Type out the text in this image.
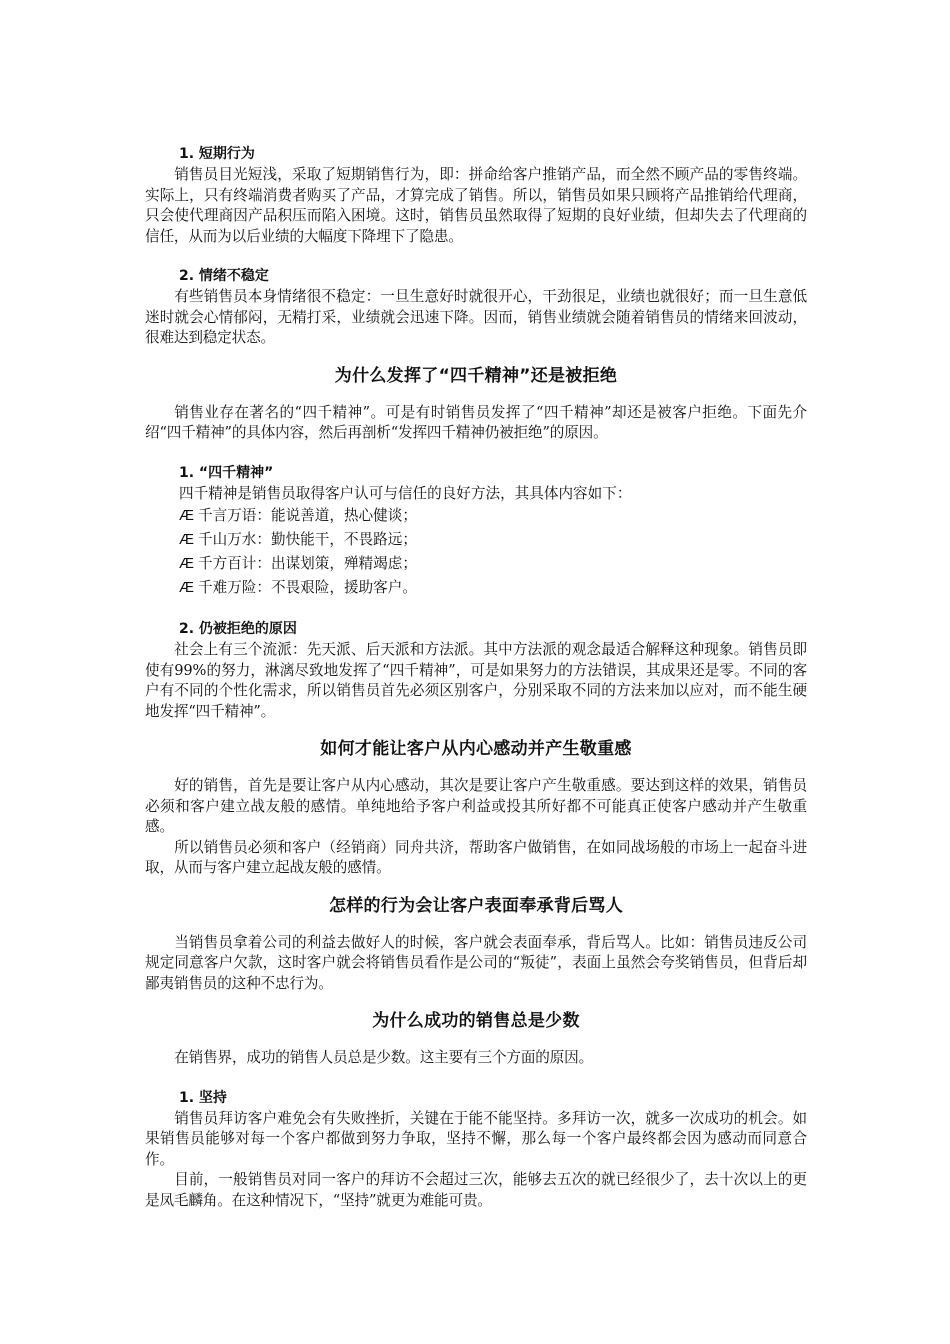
1. 短期行为

销售员目光短浅，采取了短期销售行为，即：拼命给客户推销产品，而全然不顾产品的零售终端。实际上，只有终端消费者购买了产品，才算完成了销售。所以，销售员如果只顾将产品推销给代理商，只会使代理商因产品积压而陷入困境。这时，销售员虽然取得了短期的良好业绩，但却失去了代理商的信任，从而为以后业绩的大幅度下降埋下了隐患。

2. 情绪不稳定

有些销售员本身情绪很不稳定：一旦生意好时就很开心，干劲很足，业绩也就很好；而一旦生意低迷时就会心情郁闷，无精打采，业绩就会迅速下降。因而，销售业绩就会随着销售员的情绪来回波动，很难达到稳定状态。

为什么发挥了“四千精神”还是被拒绝

销售业存在著名的“四千精神”。可是有时销售员发挥了“四千精神”却还是被客户拒绝。下面先介绍“四千精神”的具体内容，然后再剖析“发挥四千精神仍被拒绝”的原因。

1. “四千精神”

四千精神是销售员取得客户认可与信任的良好方法，其具体内容如下：

Æ 千言万语：能说善道，热心健谈；

Æ 千山万水：勤快能干，不畏路远；

Æ 千方百计：出谋划策，殚精竭虑；

Æ 千难万险：不畏艰险，援助客户。

2. 仍被拒绝的原因

社会上有三个流派：先天派、后天派和方法派。其中方法派的观念最适合解释这种现象。销售员即使有99%的努力，淋漓尽致地发挥了“四千精神”，可是如果努力的方法错误，其成果还是零。不同的客户有不同的个性化需求，所以销售员首先必须区别客户，分别采取不同的方法来加以应对，而不能生硬地发挥“四千精神”。

如何才能让客户从内心感动并产生敬重感

好的销售，首先是要让客户从内心感动，其次是要让客户产生敬重感。要达到这样的效果，销售员必须和客户建立战友般的感情。单纯地给予客户利益或投其所好都不可能真正使客户感动并产生敬重感。

所以销售员必须和客户（经销商）同舟共济，帮助客户做销售，在如同战场般的市场上一起奋斗进取，从而与客户建立起战友般的感情。

怎样的行为会让客户表面奉承背后骂人

当销售员拿着公司的利益去做好人的时候，客户就会表面奉承，背后骂人。比如：销售员违反公司规定同意客户欠款，这时客户就会将销售员看作是公司的“叛徒”，表面上虽然会夸奖销售员，但背后却鄙夷销售员的这种不忠行为。

为什么成功的销售总是少数

在销售界，成功的销售人员总是少数。这主要有三个方面的原因。

1. 坚持

销售员拜访客户难免会有失败挫折，关键在于能不能坚持。多拜访一次，就多一次成功的机会。如果销售员能够对每一个客户都做到努力争取，坚持不懈，那么每一个客户最终都会因为感动而同意合作。

目前，一般销售员对同一客户的拜访不会超过三次，能够去五次的就已经很少了，去十次以上的更是凤毛麟角。在这种情况下，“坚持”就更为难能可贵。
